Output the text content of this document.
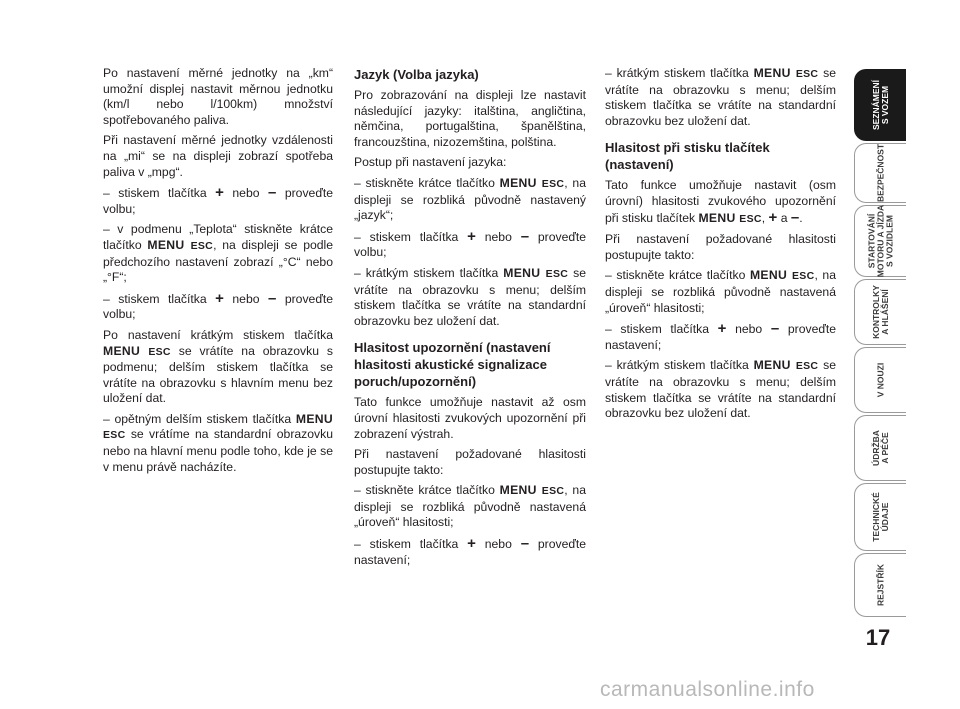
Po nastavení měrné jednotky na „km“ umožní displej nastavit měrnou jednotku (km/l nebo l/100km) množství spotřebovaného paliva.

Při nastavení měrné jednotky vzdálenosti na „mi“ se na displeji zobrazí spotřeba paliva v „mpg“.

– stiskem tlačítka + nebo – proveďte volbu;

– v podmenu „Teplota“ stiskněte krátce tlačítko MENU ESC, na displeji se podle předchozího nastavení zobrazí „°C“ nebo „°F“;

– stiskem tlačítka + nebo – proveďte volbu;

Po nastavení krátkým stiskem tlačítka MENU ESC se vrátíte na obrazovku s podmenu; delším stiskem tlačítka se vrátíte na obrazovku s hlavním menu bez uložení dat.

– opětným delším stiskem tlačítka MENU ESC se vrátíme na standardní obrazovku nebo na hlavní menu podle toho, kde je se v menu právě nacházíte.

Jazyk (Volba jazyka)

Pro zobrazování na displeji lze nastavit následující jazyky: italština, angličtina, němčina, portugalština, španělština, francouzština, nizozemština, polština.

Postup při nastavení jazyka:

– stiskněte krátce tlačítko MENU ESC, na displeji se rozbliká původně nastavený „jazyk“;

– stiskem tlačítka + nebo – proveďte volbu;

– krátkým stiskem tlačítka MENU ESC se vrátíte na obrazovku s menu; delším stiskem tlačítka se vrátíte na standardní obrazovku bez uložení dat.

Hlasitost upozornění (nastavení hlasitosti akustické signalizace poruch/upozornění)

Tato funkce umožňuje nastavit až osm úrovní hlasitosti zvukových upozornění při zobrazení výstrah.

Při nastavení požadované hlasitosti postupujte takto:

– stiskněte krátce tlačítko MENU ESC, na displeji se rozbliká původně nastavená „úroveň“ hlasitosti;

– stiskem tlačítka + nebo – proveďte nastavení;

– krátkým stiskem tlačítka MENU ESC se vrátíte na obrazovku s menu; delším stiskem tlačítka se vrátíte na standardní obrazovku bez uložení dat.

Hlasitost při stisku tlačítek (nastavení)

Tato funkce umožňuje nastavit (osm úrovní) hlasitosti zvukového upozornění při stisku tlačítek MENU ESC, + a –.

Při nastavení požadované hlasitosti postupujte takto:

– stiskněte krátce tlačítko MENU ESC, na displeji se rozbliká původně nastavená „úroveň“ hlasitosti;

– stiskem tlačítka + nebo – proveďte nastavení;

– krátkým stiskem tlačítka MENU ESC se vrátíte na obrazovku s menu; delším stiskem tlačítka se vrátíte na standardní obrazovku bez uložení dat.

SEZNÁMENÍ
S VOZEM
BEZPEČNOST
STARTOVÁNÍ
MOTORU A JÍZDA
S VOZIDLEM
KONTROLKY
A HLÁŠENÍ
V NOUZI
ÚDRŽBA
A PÉČE
TECHNICKÉ
ÚDAJE
REJSTŘÍK
17
carmanualsonline.info
